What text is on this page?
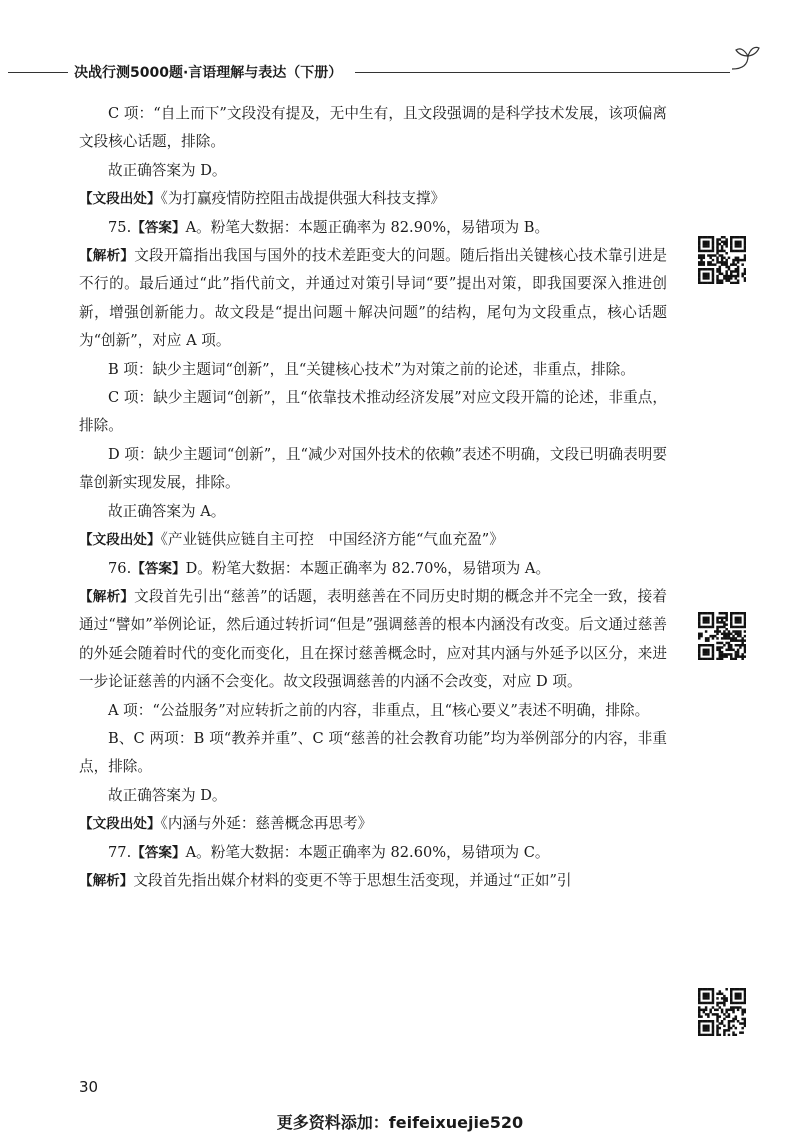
决战行测5000题·言语理解与表达（下册）

C 项：“自上而下”文段没有提及，无中生有，且文段强调的是科学技术发展，该项偏离文段核心话题，排除。

故正确答案为 D。

【文段出处】《为打赢疫情防控阻击战提供强大科技支撑》

75.【答案】A。粉笔大数据：本题正确率为 82.90%，易错项为 B。

【解析】文段开篇指出我国与国外的技术差距变大的问题。随后指出关键核心技术靠引进是不行的。最后通过“此”指代前文，并通过对策引导词“要”提出对策，即我国要深入推进创新，增强创新能力。故文段是“提出问题＋解决问题”的结构，尾句为文段重点，核心话题为“创新”，对应 A 项。

B 项：缺少主题词“创新”，且“关键核心技术”为对策之前的论述，非重点，排除。

C 项：缺少主题词“创新”，且“依靠技术推动经济发展”对应文段开篇的论述，非重点，排除。

D 项：缺少主题词“创新”，且“减少对国外技术的依赖”表述不明确，文段已明确表明要靠创新实现发展，排除。

故正确答案为 A。

【文段出处】《产业链供应链自主可控　中国经济方能“气血充盈”》

76.【答案】D。粉笔大数据：本题正确率为 82.70%，易错项为 A。

【解析】文段首先引出“慈善”的话题，表明慈善在不同历史时期的概念并不完全一致，接着通过“譬如”举例论证，然后通过转折词“但是”强调慈善的根本内涵没有改变。后文通过慈善的外延会随着时代的变化而变化，且在探讨慈善概念时，应对其内涵与外延予以区分，来进一步论证慈善的内涵不会变化。故文段强调慈善的内涵不会改变，对应 D 项。

A 项：“公益服务”对应转折之前的内容，非重点，且“核心要义”表述不明确，排除。

B、C 两项：B 项“教养并重”、C 项“慈善的社会教育功能”均为举例部分的内容，非重点，排除。

故正确答案为 D。

【文段出处】《内涵与外延：慈善概念再思考》

77.【答案】A。粉笔大数据：本题正确率为 82.60%，易错项为 C。

【解析】文段首先指出媒介材料的变更不等于思想生活变现，并通过“正如”引

30
更多资料添加：feifeixuejie520
